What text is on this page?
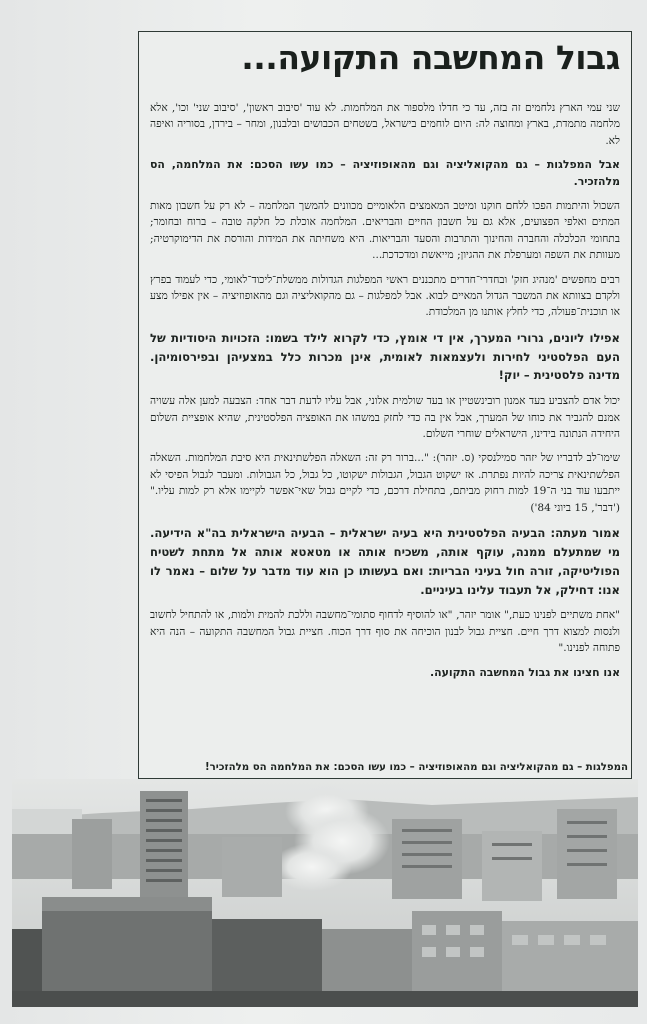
גבול המחשבה התקועה...

שני עמי הארץ נלחמים זה בזה, עד כי חדלו מלספור את המלחמות. לא עוד 'סיבוב ראשון', 'סיבוב שני' וכו', אלא מלחמה מתמדת, בארץ ומחוצה לה: היום לוחמים בישראל, בשטחים הכבושים ובלבנון, ומחר – בירדן, בסוריה ואיפה לא.

אבל המפלגות – גם מהקואליציה וגם מהאופוזיציה – כמו עשו הסכם: את המלחמה, הס מלהזכיר.

השכול והיתמות הפכו ללחם חוקנו ומיטב המאמצים הלאומיים מכוונים להמשך המלחמה – לא רק על חשבון מאות המתים ואלפי הפצועים, אלא גם על חשבון החיים והבריאים. המלחמה אוכלת כל חלקה טובה – ברוח ובחומר; בתחומי הכלכלה והחברה והחינוך והתרבות והסעד והבריאות. היא משחיתה את המידות והורסת את הדימוקרטיה; מעוותת את השפה ומערפלת את ההגיון; מייאשת ומדכדכת...

רבים מחפשים 'מנהיג חזק' ובחדרי־חדרים מתכננים ראשי המפלגות הגדולות ממשלת־ליכוד־לאומי, כדי לעמוד בפרץ ולקדם בצוותא את המשבר הגדול המאיים לבוא. אבל למפלגות – גם מהקואליציה וגם מהאופוזיציה – אין אפילו מצע או תוכנית־פעולה, כדי לחלץ אותנו מן המלכודת.

אפילו ליונים, גרורי המערך, אין די אומץ, כדי לקרוא לילד בשמו: הזכויות היסודיות של העם הפלסטיני לחירות ולעצמאות לאומית, אינן מכרות כלל במצעיהן ובפירסומיהן. מדינה פלסטינית – יוק!

יכול אדם להצביע בעד אמנון רובינשטיין או בעד שולמית אלוני, אבל עליו לדעת דבר אחד: הצבעה למען אלה עשויה אמנם להגביר את כוחו של המערך, אבל אין בה כדי לחזק במשהו את האופציה הפלסטינית, שהיא אופציית השלום היחידה הנתונה בידינו, הישראלים שוחרי השלום.

שימו־לב לדבריו של יזהר סמילנסקי (ס. יזהר): "...ברור רק זה: השאלה הפלשתינאית היא סיבת המלחמות. השאלה הפלשתינאית צריכה להיות נפתרת. אז ישקוט הגבול, הגבולות ישקוטו, כל גבול, כל הגבולות. ומעבר לגבול הפיסי לא ייתבעו עוד בני ה־19 למות רחוק מביתם, בתחילת דרכם, כדי לקיים גבול שאי־אפשר לקיימו אלא רק למות עליו." ('דבר', 15 ביוני 84')

אמור מעתה: הבעיה הפלסטינית היא בעיה ישראלית – הבעיה הישראלית בה"א הידיעה. מי שמתעלם ממנה, עוקף אותה, משכיח אותה או מטאטא אותה אל מתחת לשטיח הפוליטיקה, זורה חול בעיני הבריות: ואם בעשותו כן הוא עוד מדבר על שלום – נאמר לו אנו: דחילק, אל תעבוד עלינו בעיניים.

"אחת משתיים לפנינו כעת," אומר יזהר, "או להוסיף לדחוף סתומי־מחשבה וללכת להמית ולמות, או להתחיל לחשוב ולנסות למצוא דרך חיים. חציית גבול לבנון הוכיחה את סוף דרך הכוח. חציית גבול המחשבה התקועה – הנה היא פתוחה לפנינו."

אנו חצינו את גבול המחשבה התקועה.

המפלגות – גם מהקואליציה וגם מהאופוזיציה – כמו עשו הסכם: את המלחמה הס מלהזכיר!
